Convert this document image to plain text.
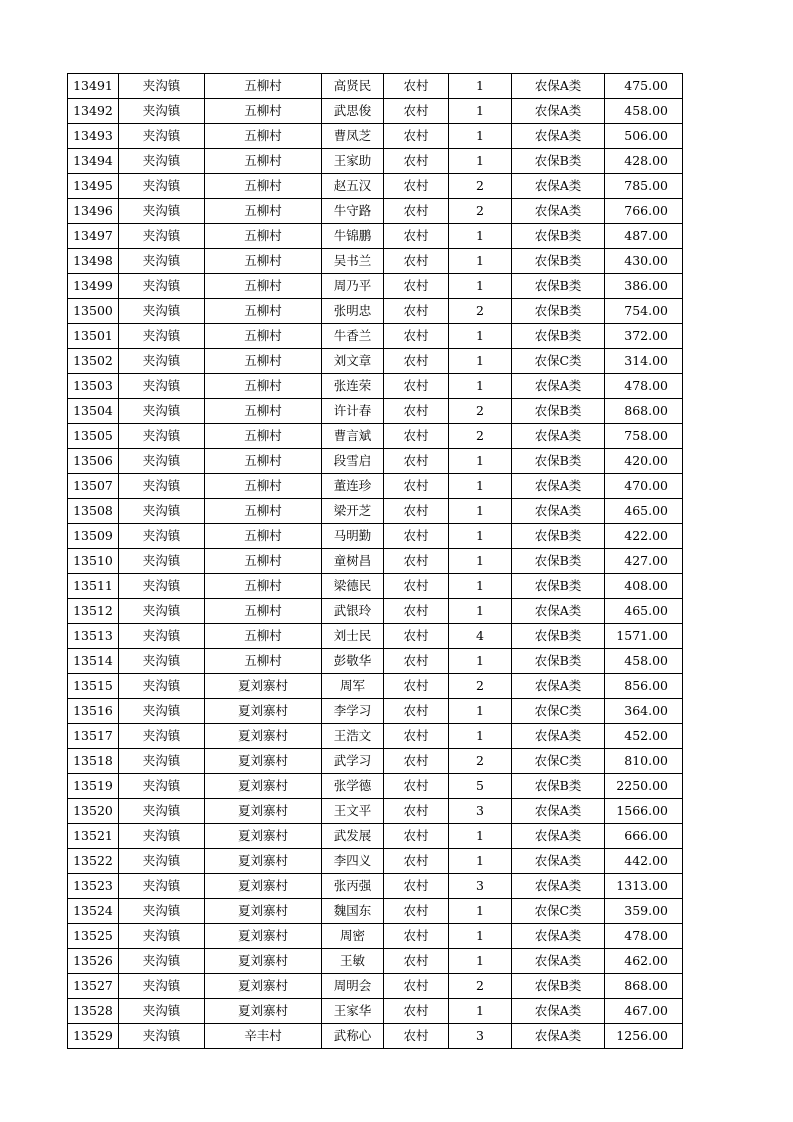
13491	夹沟镇	五柳村	高贤民	农村	1	农保A类	475.00
13492	夹沟镇	五柳村	武思俊	农村	1	农保A类	458.00
13493	夹沟镇	五柳村	曹凤芝	农村	1	农保A类	506.00
13494	夹沟镇	五柳村	王家助	农村	1	农保B类	428.00
13495	夹沟镇	五柳村	赵五汉	农村	2	农保A类	785.00
13496	夹沟镇	五柳村	牛守路	农村	2	农保A类	766.00
13497	夹沟镇	五柳村	牛锦鹏	农村	1	农保B类	487.00
13498	夹沟镇	五柳村	吴书兰	农村	1	农保B类	430.00
13499	夹沟镇	五柳村	周乃平	农村	1	农保B类	386.00
13500	夹沟镇	五柳村	张明忠	农村	2	农保B类	754.00
13501	夹沟镇	五柳村	牛香兰	农村	1	农保B类	372.00
13502	夹沟镇	五柳村	刘文章	农村	1	农保C类	314.00
13503	夹沟镇	五柳村	张连荣	农村	1	农保A类	478.00
13504	夹沟镇	五柳村	许计春	农村	2	农保B类	868.00
13505	夹沟镇	五柳村	曹言斌	农村	2	农保A类	758.00
13506	夹沟镇	五柳村	段雪启	农村	1	农保B类	420.00
13507	夹沟镇	五柳村	董连珍	农村	1	农保A类	470.00
13508	夹沟镇	五柳村	梁开芝	农村	1	农保A类	465.00
13509	夹沟镇	五柳村	马明勤	农村	1	农保B类	422.00
13510	夹沟镇	五柳村	童树昌	农村	1	农保B类	427.00
13511	夹沟镇	五柳村	梁德民	农村	1	农保B类	408.00
13512	夹沟镇	五柳村	武银玲	农村	1	农保A类	465.00
13513	夹沟镇	五柳村	刘士民	农村	4	农保B类	1571.00
13514	夹沟镇	五柳村	彭敬华	农村	1	农保B类	458.00
13515	夹沟镇	夏刘寨村	周军	农村	2	农保A类	856.00
13516	夹沟镇	夏刘寨村	李学习	农村	1	农保C类	364.00
13517	夹沟镇	夏刘寨村	王浩文	农村	1	农保A类	452.00
13518	夹沟镇	夏刘寨村	武学习	农村	2	农保C类	810.00
13519	夹沟镇	夏刘寨村	张学德	农村	5	农保B类	2250.00
13520	夹沟镇	夏刘寨村	王文平	农村	3	农保A类	1566.00
13521	夹沟镇	夏刘寨村	武发展	农村	1	农保A类	666.00
13522	夹沟镇	夏刘寨村	李四义	农村	1	农保A类	442.00
13523	夹沟镇	夏刘寨村	张丙强	农村	3	农保A类	1313.00
13524	夹沟镇	夏刘寨村	魏国东	农村	1	农保C类	359.00
13525	夹沟镇	夏刘寨村	周密	农村	1	农保A类	478.00
13526	夹沟镇	夏刘寨村	王敏	农村	1	农保A类	462.00
13527	夹沟镇	夏刘寨村	周明会	农村	2	农保B类	868.00
13528	夹沟镇	夏刘寨村	王家华	农村	1	农保A类	467.00
13529	夹沟镇	辛丰村	武称心	农村	3	农保A类	1256.00
